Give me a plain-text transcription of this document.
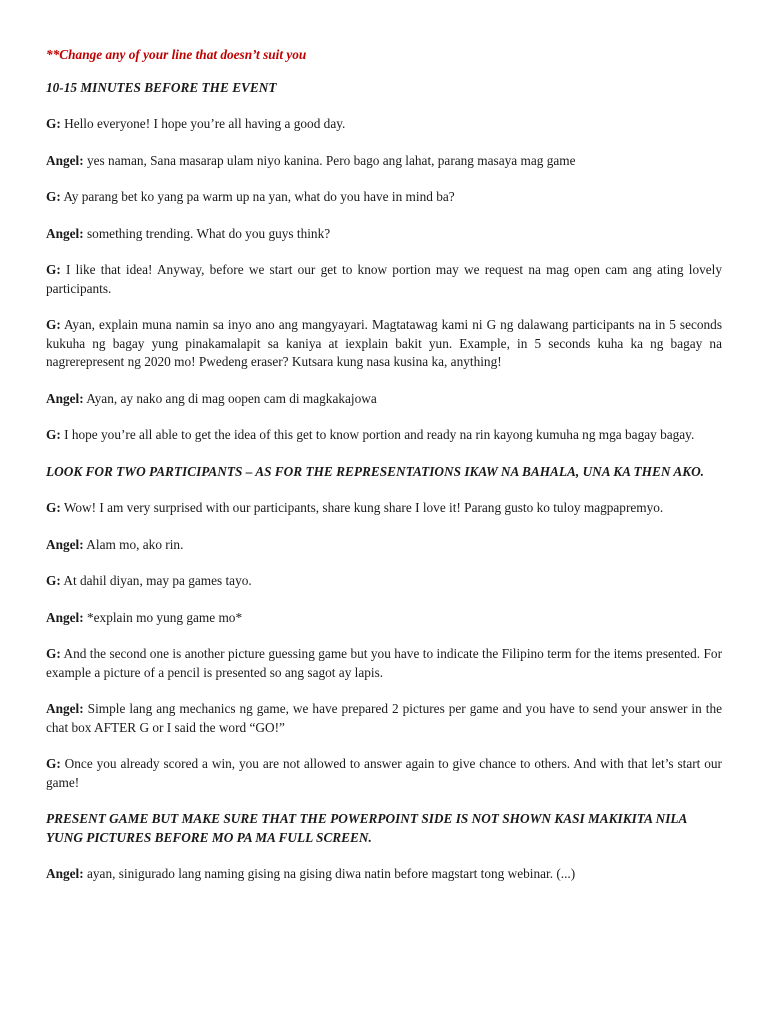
**Change any of your line that doesn’t suit you

10-15 MINUTES BEFORE THE EVENT

G: Hello everyone! I hope you’re all having a good day.

Angel: yes naman, Sana masarap ulam niyo kanina. Pero bago ang lahat, parang masaya mag game

G: Ay parang bet ko yang pa warm up na yan, what do you have in mind ba?

Angel: something trending. What do you guys think?

G: I like that idea! Anyway, before we start our get to know portion may we request na mag open cam ang ating lovely participants.

G: Ayan, explain muna namin sa inyo ano ang mangyayari. Magtatawag kami ni G ng dalawang participants na in 5 seconds kukuha ng bagay yung pinakamalapit sa kaniya at iexplain bakit yun. Example, in 5 seconds kuha ka ng bagay na nagrerepresent ng 2020 mo! Pwedeng eraser? Kutsara kung nasa kusina ka, anything!

Angel: Ayan, ay nako ang di mag oopen cam di magkakajowa

G: I hope you’re all able to get the idea of this get to know portion and ready na rin kayong kumuha ng mga bagay bagay.

LOOK FOR TWO PARTICIPANTS – AS FOR THE REPRESENTATIONS IKAW NA BAHALA, UNA KA THEN AKO.

G: Wow! I am very surprised with our participants, share kung share I love it! Parang gusto ko tuloy magpapremyo.

Angel: Alam mo, ako rin.

G: At dahil diyan, may pa games tayo.

Angel: *explain mo yung game mo*

G: And the second one is another picture guessing game but you have to indicate the Filipino term for the items presented. For example a picture of a pencil is presented so ang sagot ay lapis.

Angel: Simple lang ang mechanics ng game, we have prepared 2 pictures per game and you have to send your answer in the chat box AFTER G or I said the word “GO!”

G: Once you already scored a win, you are not allowed to answer again to give chance to others. And with that let’s start our game!

PRESENT GAME BUT MAKE SURE THAT THE POWERPOINT SIDE IS NOT SHOWN KASI MAKIKITA NILA YUNG PICTURES BEFORE MO PA MA FULL SCREEN.

Angel: ayan, sinigurado lang naming gising na gising diwa natin before magstart tong webinar. (...)
